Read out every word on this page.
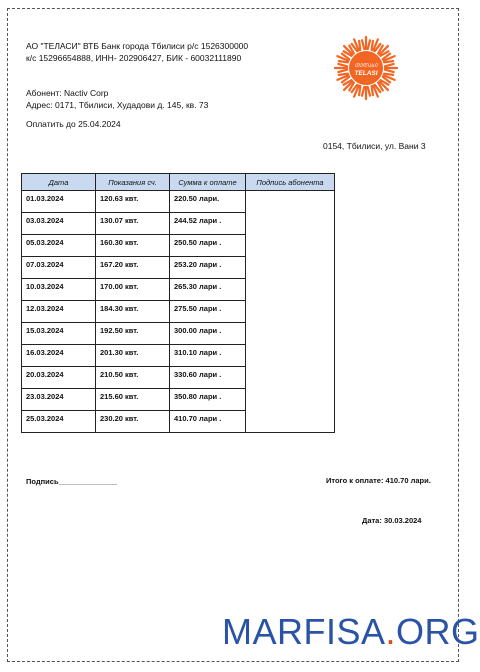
АО "ТЕЛАСИ" ВТБ Банк города Тбилиси р/с 1526300000
к/с 15296654888, ИНН- 202906427, БИК - 60032111890
ᲗᲔᲚᲐᲡᲘ
TELASI
Абонент: Nactiv Corp
Адрес: 0171, Тбилиси, Худадови д. 145, кв. 73
Оплатить до 25.04.2024
0154, Тбилиси, ул. Вани 3
Дата	Показания сч.	Сумма к оплате	Подпись абонента
01.03.2024	120.63 квт.	220.50 лари.	
03.03.2024	130.07 квт.	244.52 лари .	
05.03.2024	160.30 квт.	250.50 лари .	
07.03.2024	167.20 квт.	253.20 лари .	
10.03.2024	170.00 квт.	265.30 лари .	
12.03.2024	184.30 квт.	275.50 лари .	
15.03.2024	192.50 квт.	300.00 лари .	
16.03.2024	201.30 квт.	310.10 лари .	
20.03.2024	210.50 квт.	330.60 лари .	
23.03.2024	215.60 квт.	350.80 лари .	
25.03.2024	230.20 квт.	410.70 лари .	
Подпись______________	Итого к оплате: 410.70 лари.
Дата: 30.03.2024
MARFISA.ORG
